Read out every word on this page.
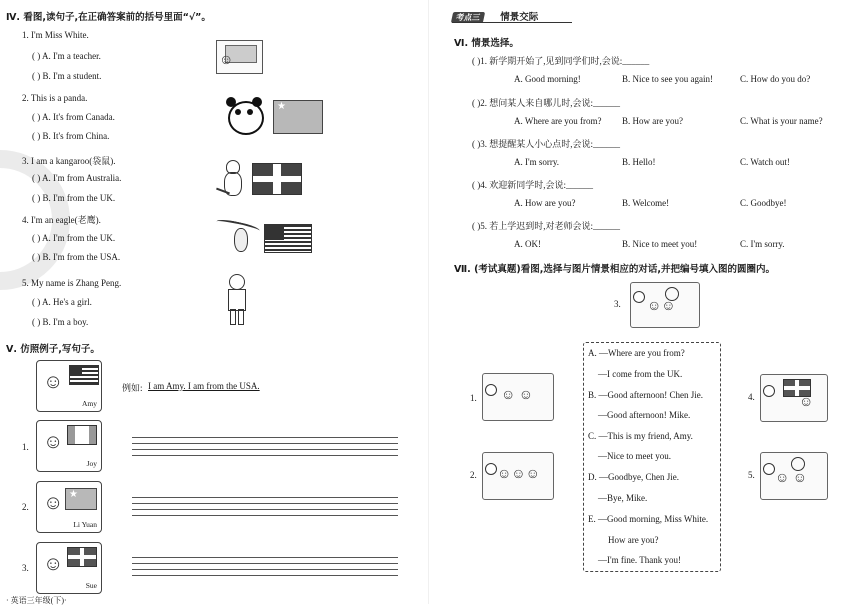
Ⅳ. 看图,读句子,在正确答案前的括号里面“√”。
1. I'm Miss White.
( ) A. I'm a teacher.
( ) B. I'm a student.
☺
2. This is a panda.
( ) A. It's from Canada.
( ) B. It's from China.
★
3. I am a kangaroo(袋鼠).
( ) A. I'm from Australia.
( ) B. I'm from the UK.
4. I'm an eagle(老鹰).
( ) A. I'm from the UK.
( ) B. I'm from the USA.
5. My name is Zhang Peng.
( ) A. He's a girl.
( ) B. I'm a boy.
Ⅴ. 仿照例子,写句子。
☺
Amy
例如: I am Amy. I am from the USA.
1. ☺
Joy
2.
★ ☺
Li Yuan
3. ☺
Sue
· 英语三年级(下)·
考点三 情景交际
Ⅵ. 情景选择。
( )1. 新学期开始了,见到同学们时,会说:______
A. Good morning!	B. Nice to see you again!	C. How do you do?
( )2. 想问某人来自哪儿时,会说:______
A. Where are you from? B. How are you?	C. What is your name?
( )3. 想提醒某人小心点时,会说:______
A. I'm sorry.	B. Hello!	C. Watch out!
( )4. 欢迎新同学时,会说:______
A. How are you?	B. Welcome!	C. Goodbye!
( )5. 若上学迟到时,对老师会说:______
A. OK!	B. Nice to meet you!	C. I'm sorry.
Ⅶ. (考试真题)看图,选择与图片情景相应的对话,并把编号填入图的圆圈内。
3. ☺☺
1. ☺ ☺
2. ☺☺☺
A. —Where are you from?
—I come from the UK.
B. —Good afternoon! Chen Jie.
—Good afternoon! Mike.
C. —This is my friend, Amy.
—Nice to meet you.
D. —Goodbye, Chen Jie.
—Bye, Mike.
E. —Good morning, Miss White.
How are you?
—I'm fine. Thank you!
4.	☺
5. ☺ ☺
